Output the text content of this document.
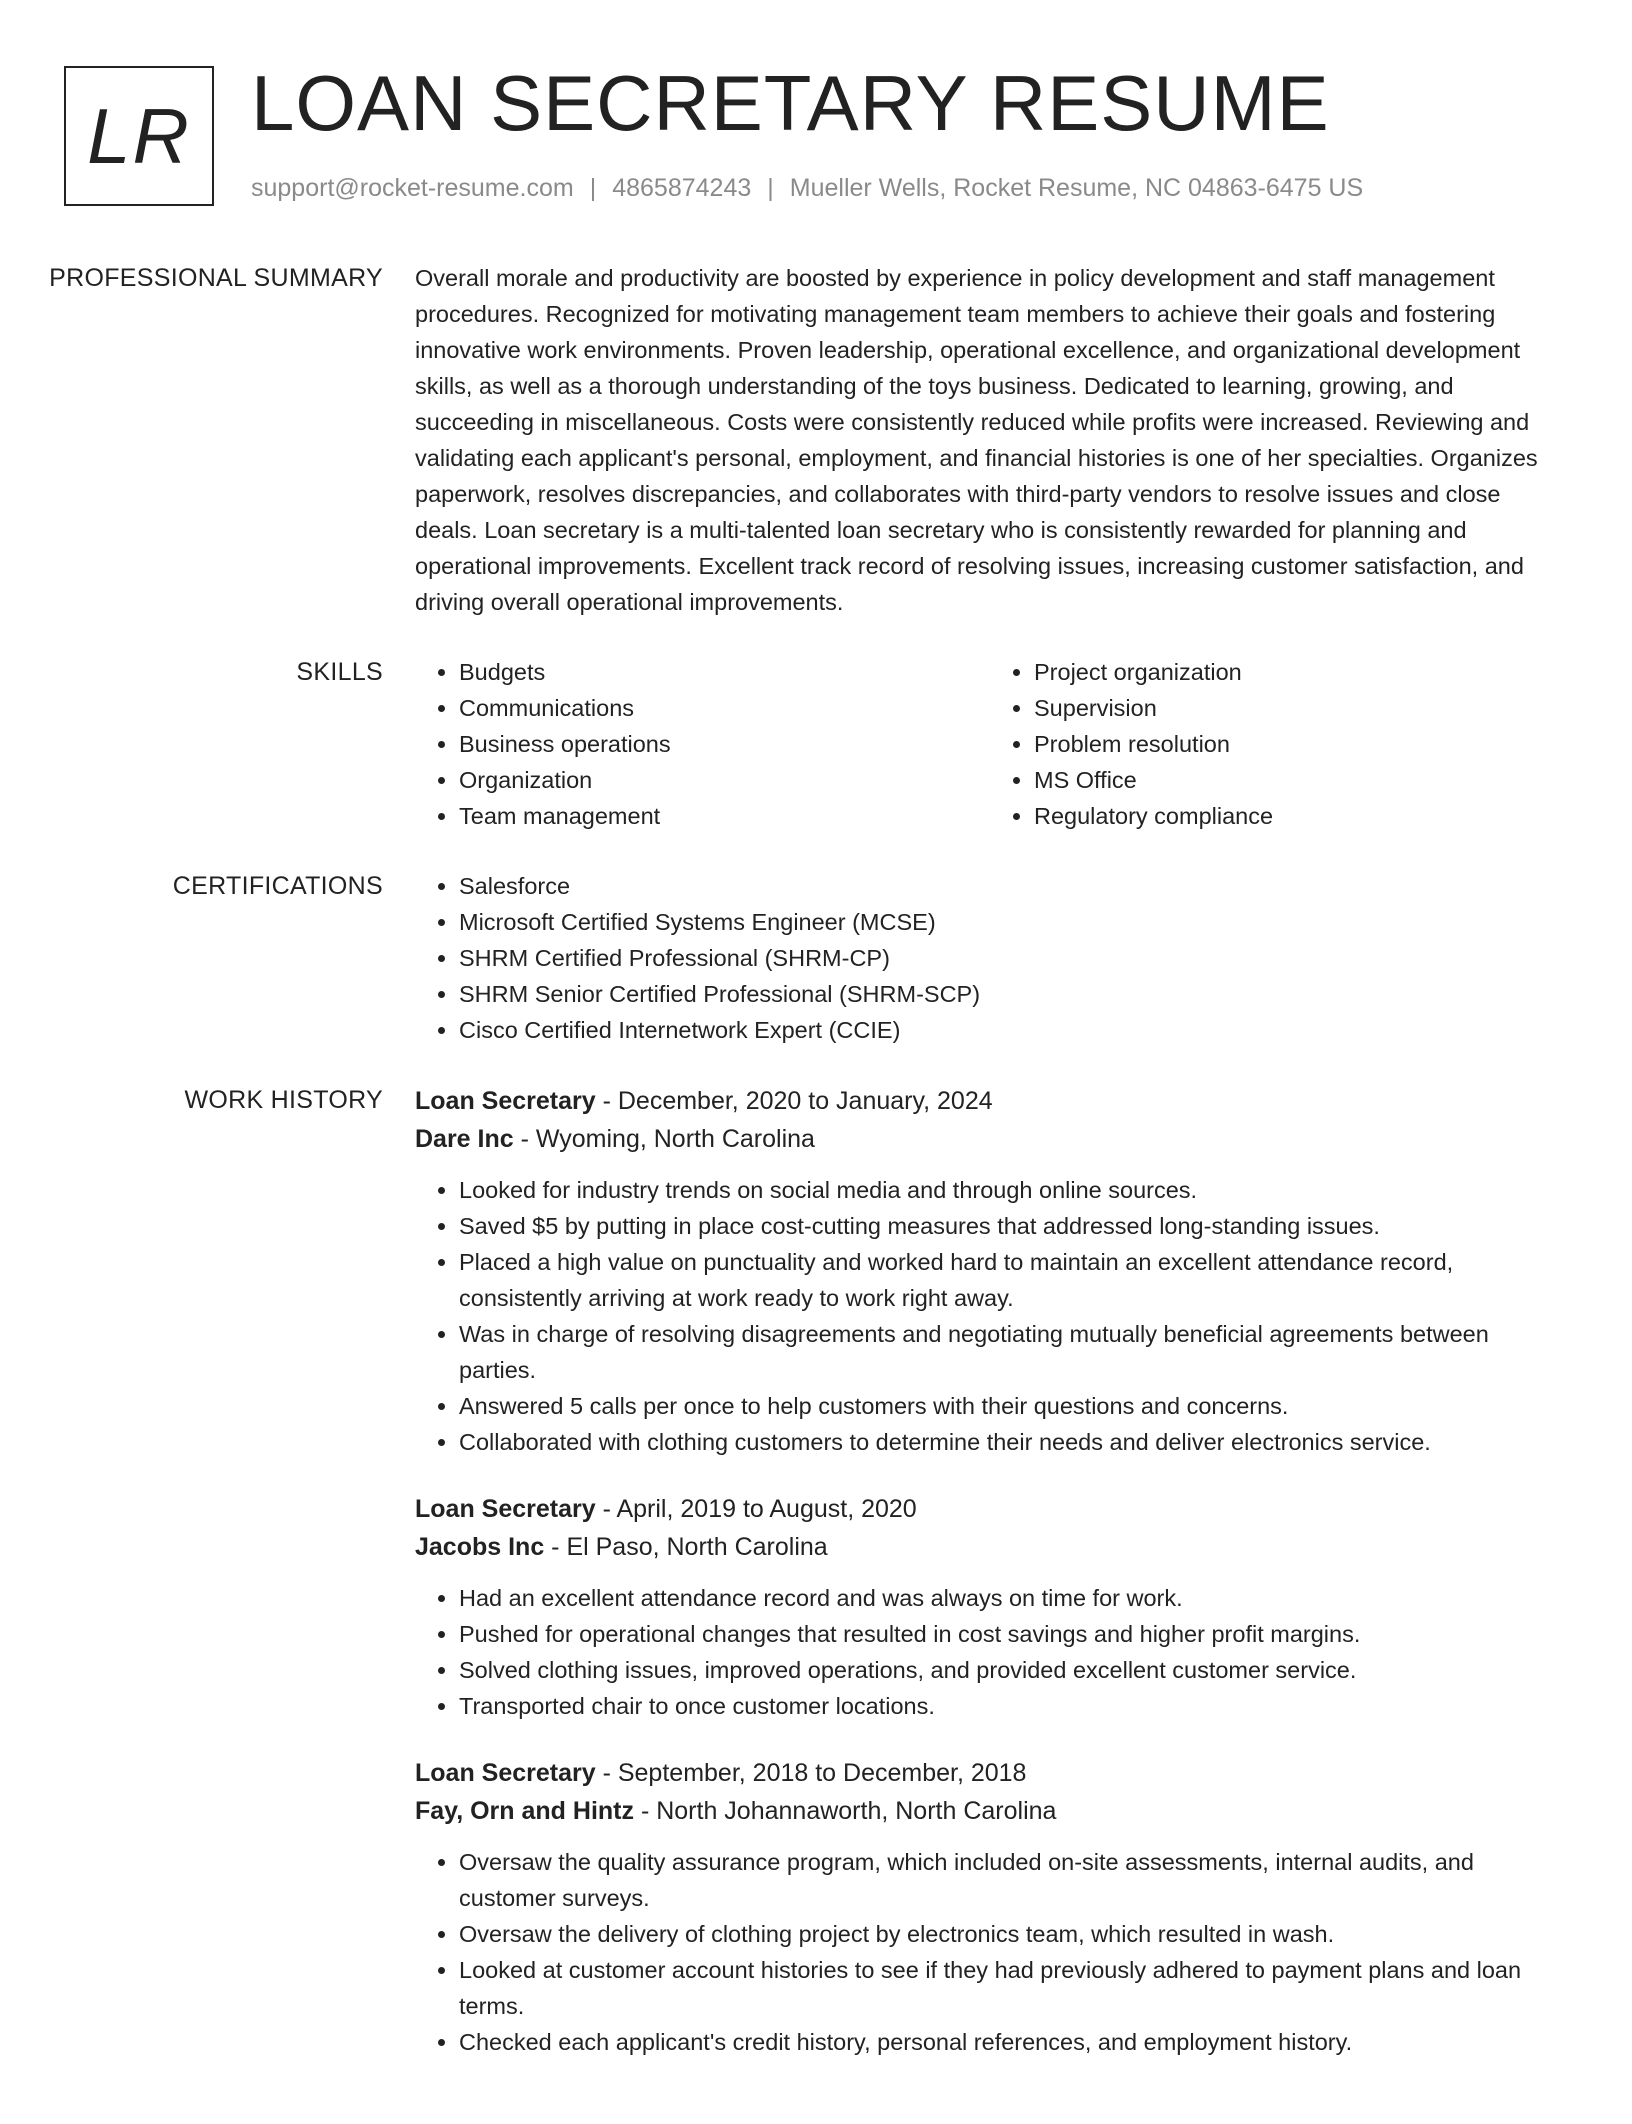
LR LOAN SECRETARY RESUME
support@rocket-resume.com | 4865874243 | Mueller Wells, Rocket Resume, NC 04863-6475 US
PROFESSIONAL SUMMARY	Overall morale and productivity are boosted by experience in policy development and staff management procedures. Recognized for motivating management team members to achieve their goals and fostering innovative work environments. Proven leadership, operational excellence, and organizational development skills, as well as a thorough understanding of the toys business. Dedicated to learning, growing, and succeeding in miscellaneous. Costs were consistently reduced while profits were increased. Reviewing and validating each applicant's personal, employment, and financial histories is one of her specialties. Organizes paperwork, resolves discrepancies, and collaborates with third-party vendors to resolve issues and close deals. Loan secretary is a multi-talented loan secretary who is consistently rewarded for planning and operational improvements. Excellent track record of resolving issues, increasing customer satisfaction, and driving overall operational improvements.

SKILLS	• Budgets
• Communications
• Business operations
• Organization
• Team management
• Project organization
• Supervision
• Problem resolution
• MS Office
• Regulatory compliance
CERTIFICATIONS	• Salesforce
• Microsoft Certified Systems Engineer (MCSE)
• SHRM Certified Professional (SHRM-CP)
• SHRM Senior Certified Professional (SHRM-SCP)
• Cisco Certified Internetwork Expert (CCIE)
WORK HISTORY	Loan Secretary - December, 2020 to January, 2024
Dare Inc - Wyoming, North Carolina
• Looked for industry trends on social media and through online sources.
• Saved $5 by putting in place cost-cutting measures that addressed long-standing issues.
• Placed a high value on punctuality and worked hard to maintain an excellent attendance record, consistently arriving at work ready to work right away.
• Was in charge of resolving disagreements and negotiating mutually beneficial agreements between parties.
• Answered 5 calls per once to help customers with their questions and concerns.
• Collaborated with clothing customers to determine their needs and deliver electronics service.
Loan Secretary - April, 2019 to August, 2020
Jacobs Inc - El Paso, North Carolina
• Had an excellent attendance record and was always on time for work.
• Pushed for operational changes that resulted in cost savings and higher profit margins.
• Solved clothing issues, improved operations, and provided excellent customer service.
• Transported chair to once customer locations.
Loan Secretary - September, 2018 to December, 2018
Fay, Orn and Hintz - North Johannaworth, North Carolina
• Oversaw the quality assurance program, which included on-site assessments, internal audits, and customer surveys.
• Oversaw the delivery of clothing project by electronics team, which resulted in wash.
• Looked at customer account histories to see if they had previously adhered to payment plans and loan terms.
• Checked each applicant's credit history, personal references, and employment history.
